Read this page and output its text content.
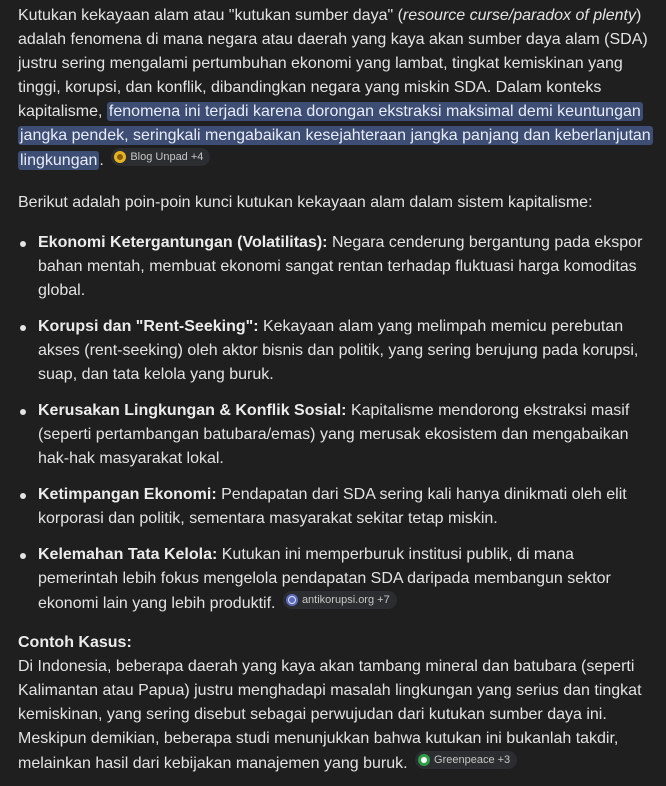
Kutukan kekayaan alam atau "kutukan sumber daya" (resource curse/paradox of plenty) adalah fenomena di mana negara atau daerah yang kaya akan sumber daya alam (SDA) justru sering mengalami pertumbuhan ekonomi yang lambat, tingkat kemiskinan yang tinggi, korupsi, dan konflik, dibandingkan negara yang miskin SDA. Dalam konteks kapitalisme, fenomena ini terjadi karena dorongan ekstraksi maksimal demi keuntungan jangka pendek, seringkali mengabaikan kesejahteraan jangka panjang dan keberlanjutan lingkungan . Blog Unpad +4

Berikut adalah poin-poin kunci kutukan kekayaan alam dalam sistem kapitalisme:

Ekonomi Ketergantungan (Volatilitas): Negara cenderung bergantung pada ekspor bahan mentah, membuat ekonomi sangat rentan terhadap fluktuasi harga komoditas global.
Korupsi dan "Rent-Seeking": Kekayaan alam yang melimpah memicu perebutan akses (rent-seeking) oleh aktor bisnis dan politik, yang sering berujung pada korupsi, suap, dan tata kelola yang buruk.
Kerusakan Lingkungan & Konflik Sosial: Kapitalisme mendorong ekstraksi masif (seperti pertambangan batubara/emas) yang merusak ekosistem dan mengabaikan hak-hak masyarakat lokal.
Ketimpangan Ekonomi: Pendapatan dari SDA sering kali hanya dinikmati oleh elit korporasi dan politik, sementara masyarakat sekitar tetap miskin.
Kelemahan Tata Kelola: Kutukan ini memperburuk institusi publik, di mana pemerintah lebih fokus mengelola pendapatan SDA daripada membangun sektor ekonomi lain yang lebih produktif. antikorupsi.org +7

Contoh Kasus:

Di Indonesia, beberapa daerah yang kaya akan tambang mineral dan batubara (seperti Kalimantan atau Papua) justru menghadapi masalah lingkungan yang serius dan tingkat kemiskinan, yang sering disebut sebagai perwujudan dari kutukan sumber daya ini. Meskipun demikian, beberapa studi menunjukkan bahwa kutukan ini bukanlah takdir, melainkan hasil dari kebijakan manajemen yang buruk. Greenpeace +3
